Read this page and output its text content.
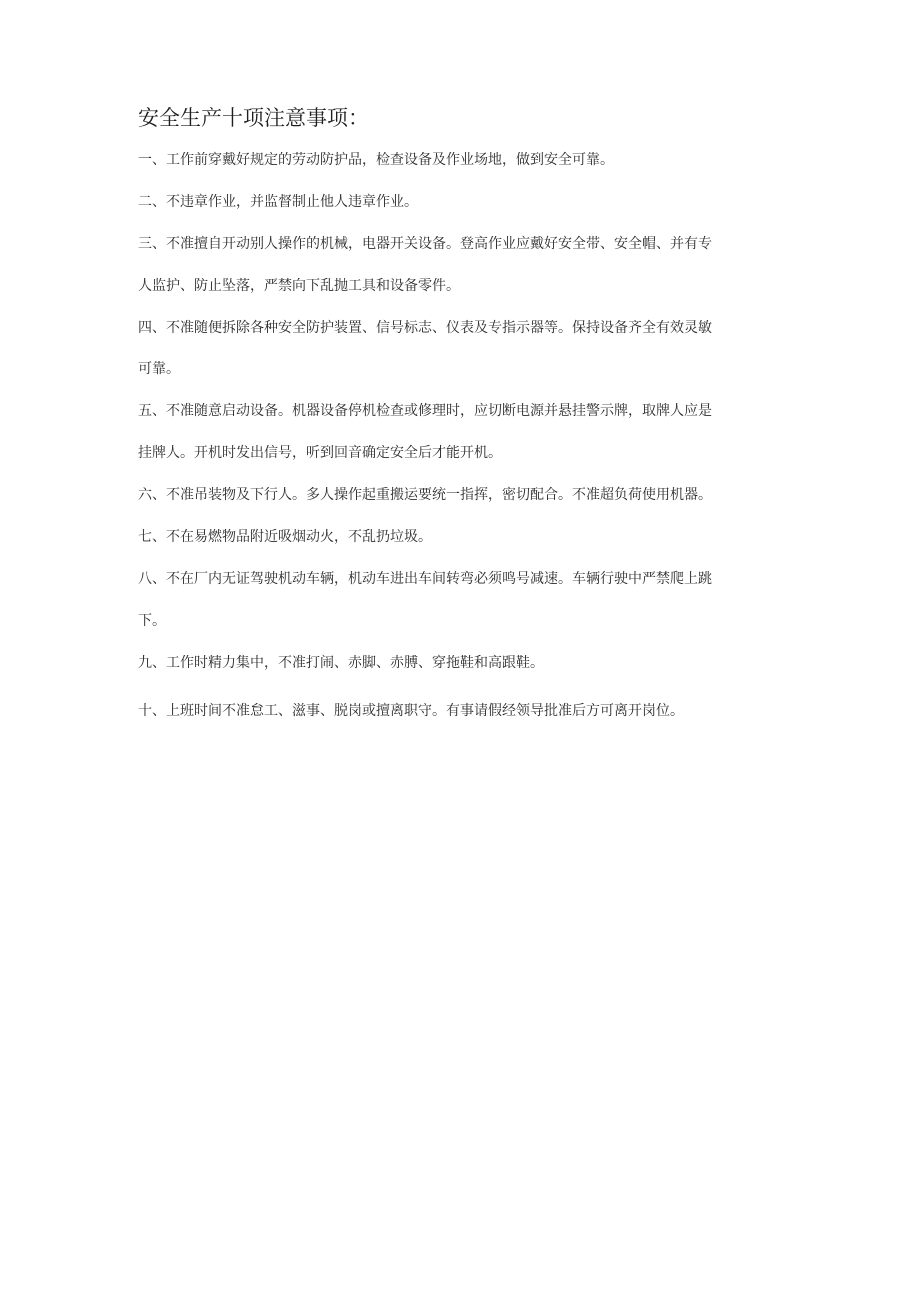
安全生产十项注意事项：
一、工作前穿戴好规定的劳动防护品，检查设备及作业场地，做到安全可靠。
二、不违章作业，并监督制止他人违章作业。
三、不准擅自开动别人操作的机械，电器开关设备。登高作业应戴好安全带、安全帽、并有专
人监护、防止坠落，严禁向下乱抛工具和设备零件。
四、不准随便拆除各种安全防护装置、信号标志、仪表及专指示器等。保持设备齐全有效灵敏
可靠。
五、不准随意启动设备。机器设备停机检查或修理时，应切断电源并悬挂警示牌，取牌人应是
挂牌人。开机时发出信号，听到回音确定安全后才能开机。
六、不准吊装物及下行人。多人操作起重搬运要统一指挥，密切配合。不准超负荷使用机器。
七、不在易燃物品附近吸烟动火，不乱扔垃圾。
八、不在厂内无证驾驶机动车辆，机动车进出车间转弯必须鸣号减速。车辆行驶中严禁爬上跳
下。
九、工作时精力集中，不准打闹、赤脚、赤膊、穿拖鞋和高跟鞋。
十、上班时间不准怠工、滋事、脱岗或擅离职守。有事请假经领导批准后方可离开岗位。
